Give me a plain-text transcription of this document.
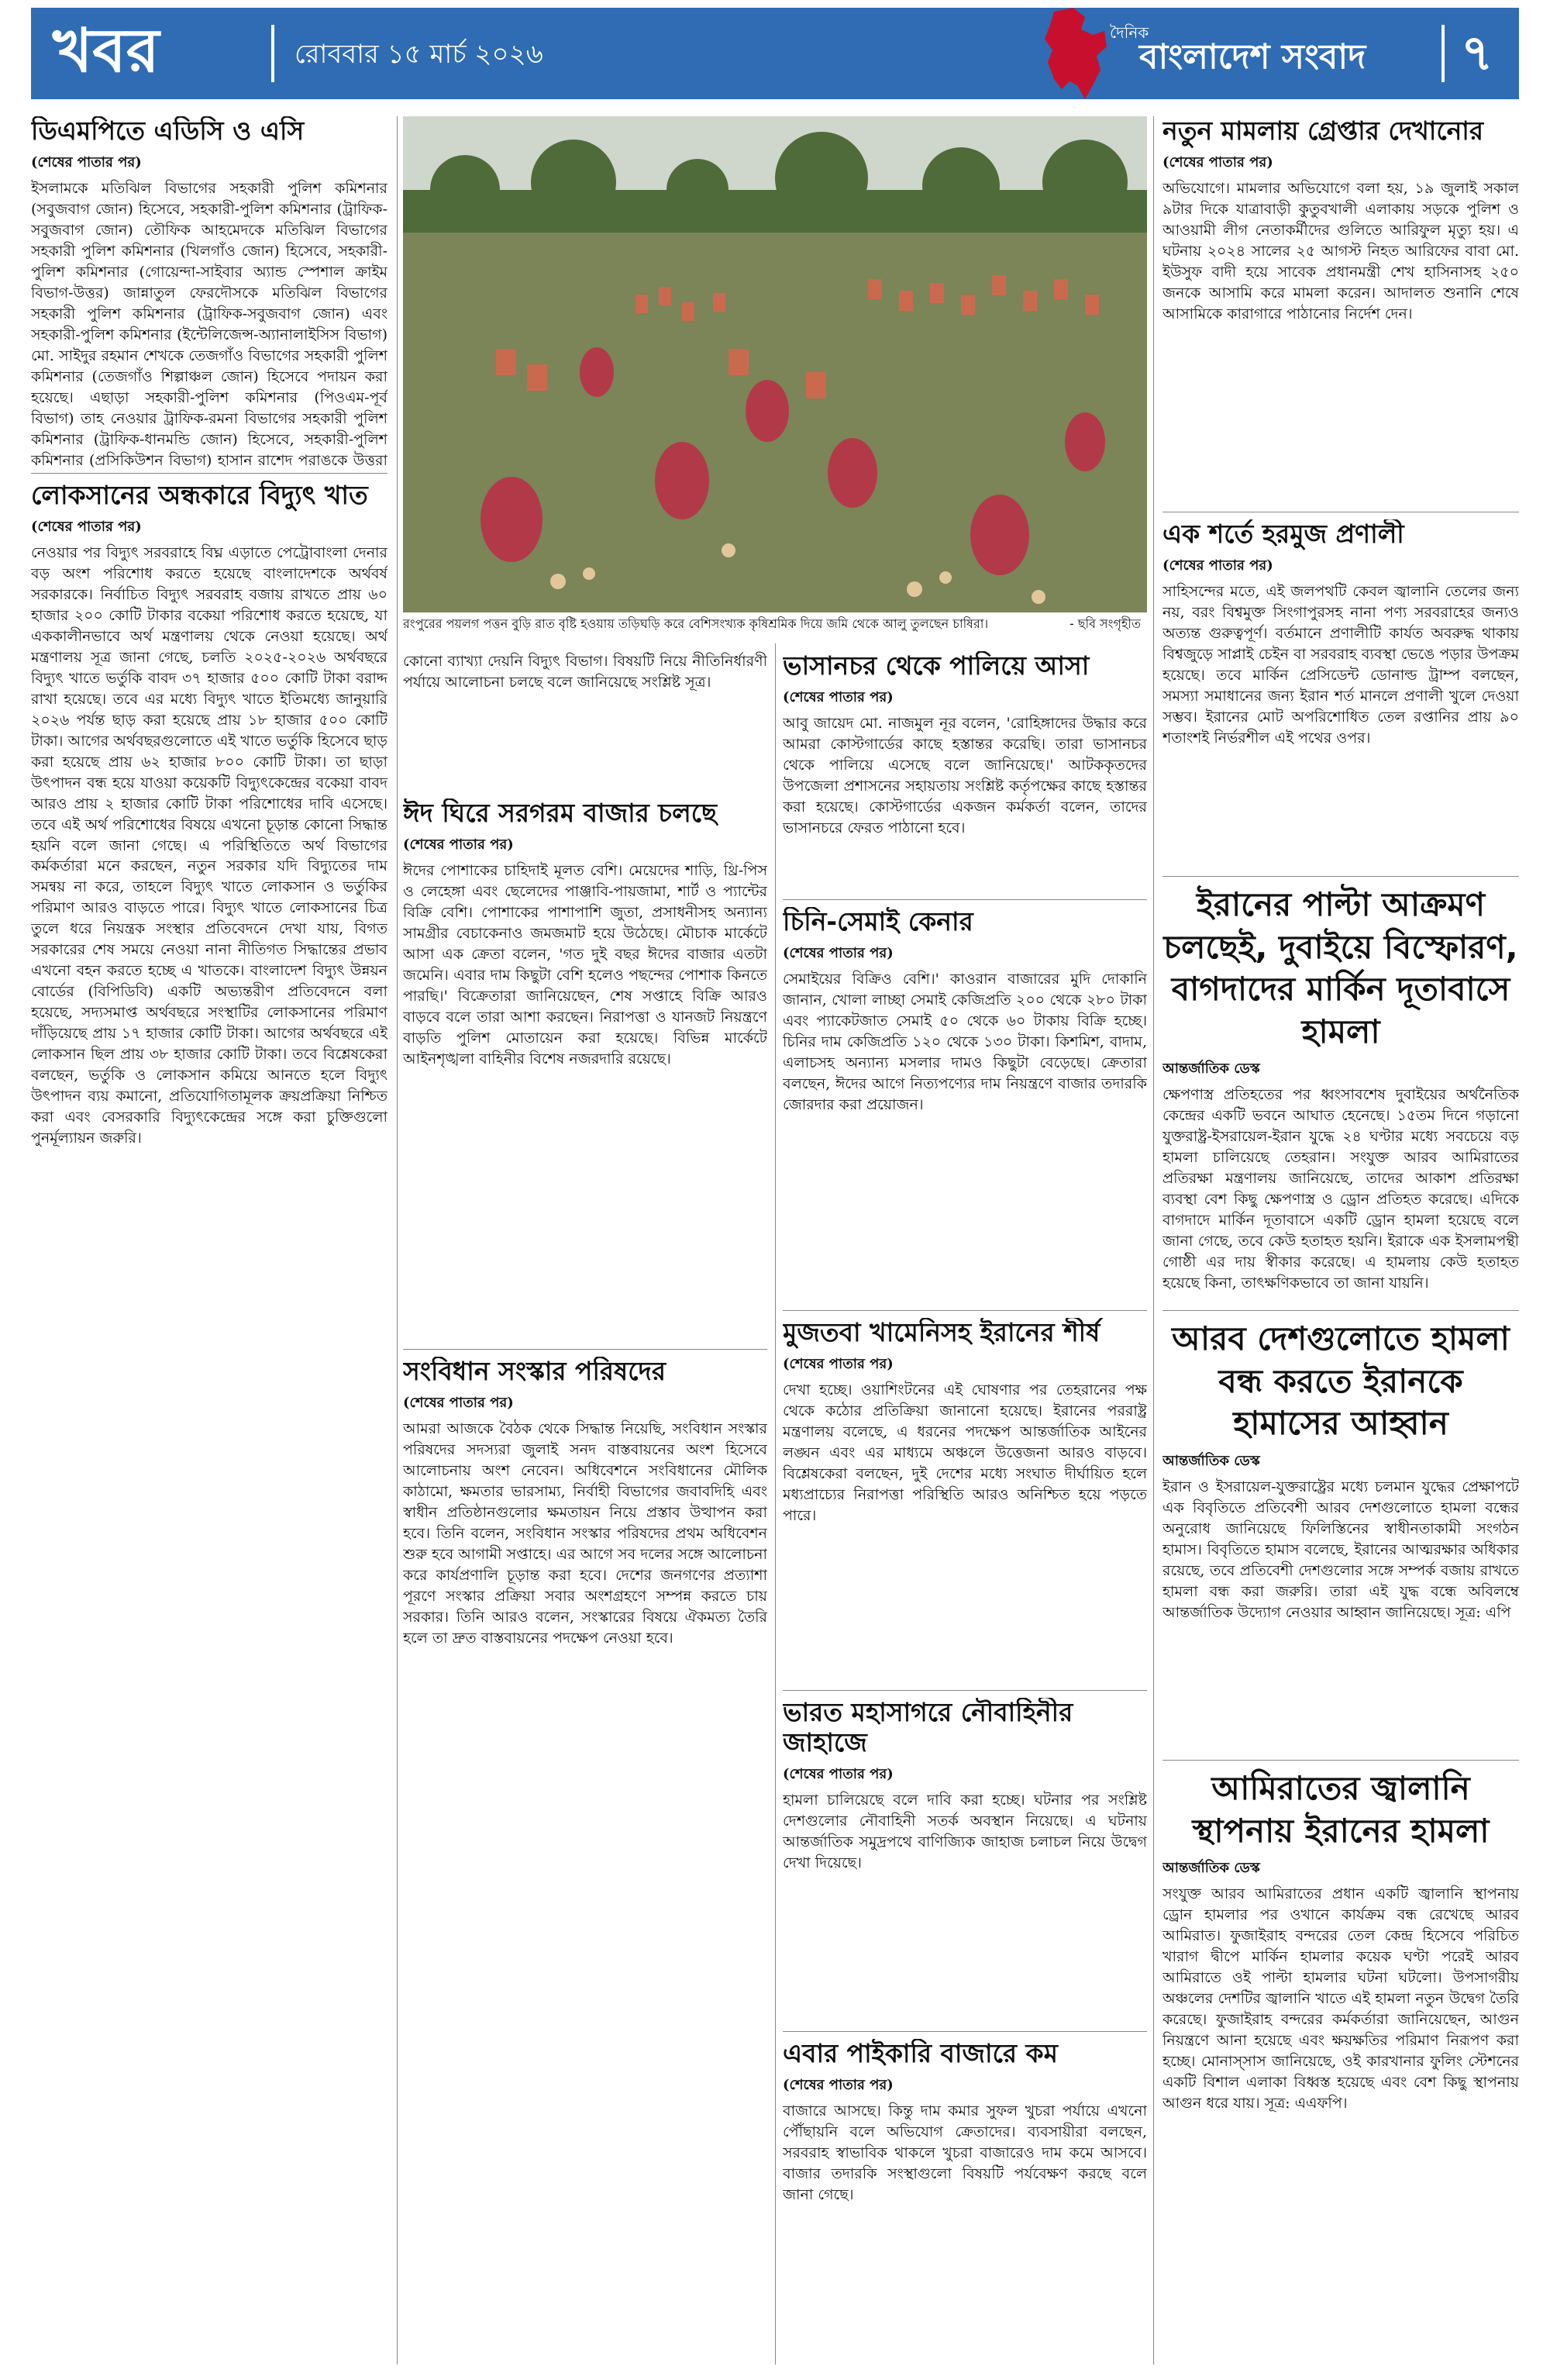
খবর	রোববার ১৫ মার্চ ২০২৬
দৈনিক
বাংলাদেশ সংবাদ ৭
ডিএমপিতে এডিসি ও এসি
(শেষের পাতার পর)

ইসলামকে মতিঝিল বিভাগের সহকারী পুলিশ কমিশনার (সবুজবাগ জোন) হিসেবে, সহকারী-পুলিশ কমিশনার (ট্রাফিক-সবুজবাগ জোন) তৌফিক আহমেদকে মতিঝিল বিভাগের সহকারী পুলিশ কমিশনার (খিলগাঁও জোন) হিসেবে, সহকারী-পুলিশ কমিশনার (গোয়েন্দা-সাইবার অ্যান্ড স্পেশাল ক্রাইম বিভাগ-উত্তর) জান্নাতুল ফেরদৌসকে মতিঝিল বিভাগের সহকারী পুলিশ কমিশনার (ট্রাফিক-সবুজবাগ জোন) এবং সহকারী-পুলিশ কমিশনার (ইন্টেলিজেন্স-অ্যানালাইসিস বিভাগ) মো. সাইদুর রহমান শেখকে তেজগাঁও বিভাগের সহকারী পুলিশ কমিশনার (তেজগাঁও শিল্পাঞ্চল জোন) হিসেবে পদায়ন করা হয়েছে। এছাড়া সহকারী-পুলিশ কমিশনার (পিওএম-পূর্ব বিভাগ) তাহ নেওয়ার ট্রাফিক-রমনা বিভাগের সহকারী পুলিশ কমিশনার (ট্রাফিক-ধানমন্ডি জোন) হিসেবে, সহকারী-পুলিশ কমিশনার (প্রসিকিউশন বিভাগ) হাসান রাশেদ পরাঙকে উত্তরা

লোকসানের অন্ধকারে বিদ্যুৎ খাত
(শেষের পাতার পর)

নেওয়ার পর বিদ্যুৎ সরবরাহে বিঘ্ন এড়াতে পেট্রোবাংলা দেনার বড় অংশ পরিশোধ করতে হয়েছে বাংলাদেশকে অর্থবর্ষ সরকারকে। নির্বাচিত বিদ্যুৎ সরবরাহ বজায় রাখতে প্রায় ৬০ হাজার ২০০ কোটি টাকার বকেয়া পরিশোধ করতে হয়েছে, যা এককালীনভাবে অর্থ মন্ত্রণালয় থেকে নেওয়া হয়েছে। অর্থ মন্ত্রণালয় সূত্র জানা গেছে, চলতি ২০২৫-২০২৬ অর্থবছরে বিদ্যুৎ খাতে ভর্তুকি বাবদ ৩৭ হাজার ৫০০ কোটি টাকা বরাদ্দ রাখা হয়েছে। তবে এর মধ্যে বিদ্যুৎ খাতে ইতিমধ্যে জানুয়ারি ২০২৬ পর্যন্ত ছাড় করা হয়েছে প্রায় ১৮ হাজার ৫০০ কোটি টাকা। আগের অর্থবছরগুলোতে এই খাতে ভর্তুকি হিসেবে ছাড় করা হয়েছে প্রায় ৬২ হাজার ৮০০ কোটি টাকা। তা ছাড়া উৎপাদন বন্ধ হয়ে যাওয়া কয়েকটি বিদ্যুৎকেন্দ্রের বকেয়া বাবদ আরও প্রায় ২ হাজার কোটি টাকা পরিশোধের দাবি এসেছে। তবে এই অর্থ পরিশোধের বিষয়ে এখনো চূড়ান্ত কোনো সিদ্ধান্ত হয়নি বলে জানা গেছে। এ পরিস্থিতিতে অর্থ বিভাগের কর্মকর্তারা মনে করছেন, নতুন সরকার যদি বিদ্যুতের দাম সমন্বয় না করে, তাহলে বিদ্যুৎ খাতে লোকসান ও ভর্তুকির পরিমাণ আরও বাড়তে পারে। বিদ্যুৎ খাতে লোকসানের চিত্র তুলে ধরে নিয়ন্ত্রক সংস্থার প্রতিবেদনে দেখা যায়, বিগত সরকারের শেষ সময়ে নেওয়া নানা নীতিগত সিদ্ধান্তের প্রভাব এখনো বহন করতে হচ্ছে এ খাতকে। বাংলাদেশ বিদ্যুৎ উন্নয়ন বোর্ডের (বিপিডিবি) একটি অভ্যন্তরীণ প্রতিবেদনে বলা হয়েছে, সদ্যসমাপ্ত অর্থবছরে সংস্থাটির লোকসানের পরিমাণ দাঁড়িয়েছে প্রায় ১৭ হাজার কোটি টাকা। আগের অর্থবছরে এই লোকসান ছিল প্রায় ৩৮ হাজার কোটি টাকা। তবে বিশ্লেষকেরা বলছেন, ভর্তুকি ও লোকসান কমিয়ে আনতে হলে বিদ্যুৎ উৎপাদন ব্যয় কমানো, প্রতিযোগিতামূলক ক্রয়প্রক্রিয়া নিশ্চিত করা এবং বেসরকারি বিদ্যুৎকেন্দ্রের সঙ্গে করা চুক্তিগুলো পুনর্মূল্যায়ন জরুরি।

রংপুরের পয়লগ পত্তন বুড়ি রাত বৃষ্টি হওয়ায় তড়িঘড়ি করে বেশিসংখ্যক কৃষিশ্রমিক দিয়ে জমি থেকে আলু তুলছেন চাষিরা।	- ছবি সংগৃহীত

কোনো ব্যাখ্যা দেয়নি বিদ্যুৎ বিভাগ। বিষয়টি নিয়ে নীতিনির্ধারণী পর্যায়ে আলোচনা চলছে বলে জানিয়েছে সংশ্লিষ্ট সূত্র।

ঈদ ঘিরে সরগরম বাজার চলছে
(শেষের পাতার পর)

ঈদের পোশাকের চাহিদাই মূলত বেশি। মেয়েদের শাড়ি, থ্রি-পিস ও লেহেঙ্গা এবং ছেলেদের পাঞ্জাবি-পায়জামা, শার্ট ও প্যান্টের বিক্রি বেশি। পোশাকের পাশাপাশি জুতা, প্রসাধনীসহ অন্যান্য সামগ্রীর বেচাকেনাও জমজমাট হয়ে উঠেছে। মৌচাক মার্কেটে আসা এক ক্রেতা বলেন, 'গত দুই বছর ঈদের বাজার এতটা জমেনি। এবার দাম কিছুটা বেশি হলেও পছন্দের পোশাক কিনতে পারছি।' বিক্রেতারা জানিয়েছেন, শেষ সপ্তাহে বিক্রি আরও বাড়বে বলে তারা আশা করছেন। নিরাপত্তা ও যানজট নিয়ন্ত্রণে বাড়তি পুলিশ মোতায়েন করা হয়েছে। বিভিন্ন মার্কেটে আইনশৃঙ্খলা বাহিনীর বিশেষ নজরদারি রয়েছে।

সংবিধান সংস্কার পরিষদের
(শেষের পাতার পর)

আমরা আজকে বৈঠক থেকে সিদ্ধান্ত নিয়েছি, সংবিধান সংস্কার পরিষদের সদস্যরা জুলাই সনদ বাস্তবায়নের অংশ হিসেবে আলোচনায় অংশ নেবেন। অধিবেশনে সংবিধানের মৌলিক কাঠামো, ক্ষমতার ভারসাম্য, নির্বাহী বিভাগের জবাবদিহি এবং স্বাধীন প্রতিষ্ঠানগুলোর ক্ষমতায়ন নিয়ে প্রস্তাব উত্থাপন করা হবে। তিনি বলেন, সংবিধান সংস্কার পরিষদের প্রথম অধিবেশন শুরু হবে আগামী সপ্তাহে। এর আগে সব দলের সঙ্গে আলোচনা করে কার্যপ্রণালি চূড়ান্ত করা হবে। দেশের জনগণের প্রত্যাশা পূরণে সংস্কার প্রক্রিয়া সবার অংশগ্রহণে সম্পন্ন করতে চায় সরকার। তিনি আরও বলেন, সংস্কারের বিষয়ে ঐকমত্য তৈরি হলে তা দ্রুত বাস্তবায়নের পদক্ষেপ নেওয়া হবে।

ভাসানচর থেকে পালিয়ে আসা
(শেষের পাতার পর)

আবু জায়েদ মো. নাজমুল নূর বলেন, 'রোহিঙ্গাদের উদ্ধার করে আমরা কোস্টগার্ডের কাছে হস্তান্তর করেছি। তারা ভাসানচর থেকে পালিয়ে এসেছে বলে জানিয়েছে।' আটককৃতদের উপজেলা প্রশাসনের সহায়তায় সংশ্লিষ্ট কর্তৃপক্ষের কাছে হস্তান্তর করা হয়েছে। কোস্টগার্ডের একজন কর্মকর্তা বলেন, তাদের ভাসানচরে ফেরত পাঠানো হবে।

চিনি-সেমাই কেনার
(শেষের পাতার পর)

সেমাইয়ের বিক্রিও বেশি।' কাওরান বাজারের মুদি দোকানি জানান, খোলা লাচ্ছা সেমাই কেজিপ্রতি ২০০ থেকে ২৮০ টাকা এবং প্যাকেটজাত সেমাই ৫০ থেকে ৬০ টাকায় বিক্রি হচ্ছে। চিনির দাম কেজিপ্রতি ১২০ থেকে ১৩০ টাকা। কিশমিশ, বাদাম, এলাচসহ অন্যান্য মসলার দামও কিছুটা বেড়েছে। ক্রেতারা বলছেন, ঈদের আগে নিত্যপণ্যের দাম নিয়ন্ত্রণে বাজার তদারকি জোরদার করা প্রয়োজন।

মুজতবা খামেনিসহ ইরানের শীর্ষ
(শেষের পাতার পর)

দেখা হচ্ছে। ওয়াশিংটনের এই ঘোষণার পর তেহরানের পক্ষ থেকে কঠোর প্রতিক্রিয়া জানানো হয়েছে। ইরানের পররাষ্ট্র মন্ত্রণালয় বলেছে, এ ধরনের পদক্ষেপ আন্তর্জাতিক আইনের লঙ্ঘন এবং এর মাধ্যমে অঞ্চলে উত্তেজনা আরও বাড়বে। বিশ্লেষকেরা বলছেন, দুই দেশের মধ্যে সংঘাত দীর্ঘায়িত হলে মধ্যপ্রাচ্যের নিরাপত্তা পরিস্থিতি আরও অনিশ্চিত হয়ে পড়তে পারে।

ভারত মহাসাগরে নৌবাহিনীর জাহাজে
(শেষের পাতার পর)

হামলা চালিয়েছে বলে দাবি করা হচ্ছে। ঘটনার পর সংশ্লিষ্ট দেশগুলোর নৌবাহিনী সতর্ক অবস্থান নিয়েছে। এ ঘটনায় আন্তর্জাতিক সমুদ্রপথে বাণিজ্যিক জাহাজ চলাচল নিয়ে উদ্বেগ দেখা দিয়েছে।

এবার পাইকারি বাজারে কম
(শেষের পাতার পর)

বাজারে আসছে। কিন্তু দাম কমার সুফল খুচরা পর্যায়ে এখনো পৌঁছায়নি বলে অভিযোগ ক্রেতাদের। ব্যবসায়ীরা বলছেন, সরবরাহ স্বাভাবিক থাকলে খুচরা বাজারেও দাম কমে আসবে। বাজার তদারকি সংস্থাগুলো বিষয়টি পর্যবেক্ষণ করছে বলে জানা গেছে।

নতুন মামলায় গ্রেপ্তার দেখানোর
(শেষের পাতার পর)

অভিযোগে। মামলার অভিযোগে বলা হয়, ১৯ জুলাই সকাল ৯টার দিকে যাত্রাবাড়ী কুতুবখালী এলাকায় সড়কে পুলিশ ও আওয়ামী লীগ নেতাকর্মীদের গুলিতে আরিফুল মৃত্যু হয়। এ ঘটনায় ২০২৪ সালের ২৫ আগস্ট নিহত আরিফের বাবা মো. ইউসুফ বাদী হয়ে সাবেক প্রধানমন্ত্রী শেখ হাসিনাসহ ২৫০ জনকে আসামি করে মামলা করেন। আদালত শুনানি শেষে আসামিকে কারাগারে পাঠানোর নির্দেশ দেন।

এক শর্তে হরমুজ প্রণালী
(শেষের পাতার পর)

সাহিসন্দের মতে, এই জলপথটি কেবল জ্বালানি তেলের জন্য নয়, বরং বিশ্বমুক্ত সিংগাপুরসহ নানা পণ্য সরবরাহের জন্যও অত্যন্ত গুরুত্বপূর্ণ। বর্তমানে প্রণালীটি কার্যত অবরুদ্ধ থাকায় বিশ্বজুড়ে সাপ্লাই চেইন বা সরবরাহ ব্যবস্থা ভেঙে পড়ার উপক্রম হয়েছে। তবে মার্কিন প্রেসিডেন্ট ডোনাল্ড ট্রাম্প বলছেন, সমস্যা সমাধানের জন্য ইরান শর্ত মানলে প্রণালী খুলে দেওয়া সম্ভব। ইরানের মোট অপরিশোধিত তেল রপ্তানির প্রায় ৯০ শতাংশই নির্ভরশীল এই পথের ওপর।

ইরানের পাল্টা আক্রমণ চলছেই, দুবাইয়ে বিস্ফোরণ, বাগদাদের মার্কিন দূতাবাসে হামলা
আন্তর্জাতিক ডেস্ক

ক্ষেপণাস্ত্র প্রতিহতের পর ধ্বংসাবশেষ দুবাইয়ের অর্থনৈতিক কেন্দ্রের একটি ভবনে আঘাত হেনেছে। ১৫তম দিনে গড়ানো যুক্তরাষ্ট্র-ইসরায়েল-ইরান যুদ্ধে ২৪ ঘণ্টার মধ্যে সবচেয়ে বড় হামলা চালিয়েছে তেহরান। সংযুক্ত আরব আমিরাতের প্রতিরক্ষা মন্ত্রণালয় জানিয়েছে, তাদের আকাশ প্রতিরক্ষা ব্যবস্থা বেশ কিছু ক্ষেপণাস্ত্র ও ড্রোন প্রতিহত করেছে। এদিকে বাগদাদে মার্কিন দূতাবাসে একটি ড্রোন হামলা হয়েছে বলে জানা গেছে, তবে কেউ হতাহত হয়নি। ইরাকে এক ইসলামপন্থী গোষ্ঠী এর দায় স্বীকার করেছে। এ হামলায় কেউ হতাহত হয়েছে কিনা, তাৎক্ষণিকভাবে তা জানা যায়নি।

আরব দেশগুলোতে হামলা বন্ধ করতে ইরানকে হামাসের আহ্বান
আন্তর্জাতিক ডেস্ক

ইরান ও ইসরায়েল-যুক্তরাষ্ট্রের মধ্যে চলমান যুদ্ধের প্রেক্ষাপটে এক বিবৃতিতে প্রতিবেশী আরব দেশগুলোতে হামলা বন্ধের অনুরোধ জানিয়েছে ফিলিস্তিনের স্বাধীনতাকামী সংগঠন হামাস। বিবৃতিতে হামাস বলেছে, ইরানের আত্মরক্ষার অধিকার রয়েছে, তবে প্রতিবেশী দেশগুলোর সঙ্গে সম্পর্ক বজায় রাখতে হামলা বন্ধ করা জরুরি। তারা এই যুদ্ধ বন্ধে অবিলম্বে আন্তর্জাতিক উদ্যোগ নেওয়ার আহ্বান জানিয়েছে। সূত্র: এপি

আমিরাতের জ্বালানি স্থাপনায় ইরানের হামলা
আন্তর্জাতিক ডেস্ক

সংযুক্ত আরব আমিরাতের প্রধান একটি জ্বালানি স্থাপনায় ড্রোন হামলার পর ওখানে কার্যক্রম বন্ধ রেখেছে আরব আমিরাত। ফুজাইরাহ বন্দরের তেল কেন্দ্র হিসেবে পরিচিত খারাগ দ্বীপে মার্কিন হামলার কয়েক ঘণ্টা পরেই আরব আমিরাতে ওই পাল্টা হামলার ঘটনা ঘটলো। উপসাগরীয় অঞ্চলের দেশটির জ্বালানি খাতে এই হামলা নতুন উদ্বেগ তৈরি করেছে। ফুজাইরাহ বন্দরের কর্মকর্তারা জানিয়েছেন, আগুন নিয়ন্ত্রণে আনা হয়েছে এবং ক্ষয়ক্ষতির পরিমাণ নিরূপণ করা হচ্ছে। মোনাস্সাস জানিয়েছে, ওই কারখানার ফুলিং স্টেশনের একটি বিশাল এলাকা বিধ্বস্ত হয়েছে এবং বেশ কিছু স্থাপনায় আগুন ধরে যায়। সূত্র: এএফপি।
